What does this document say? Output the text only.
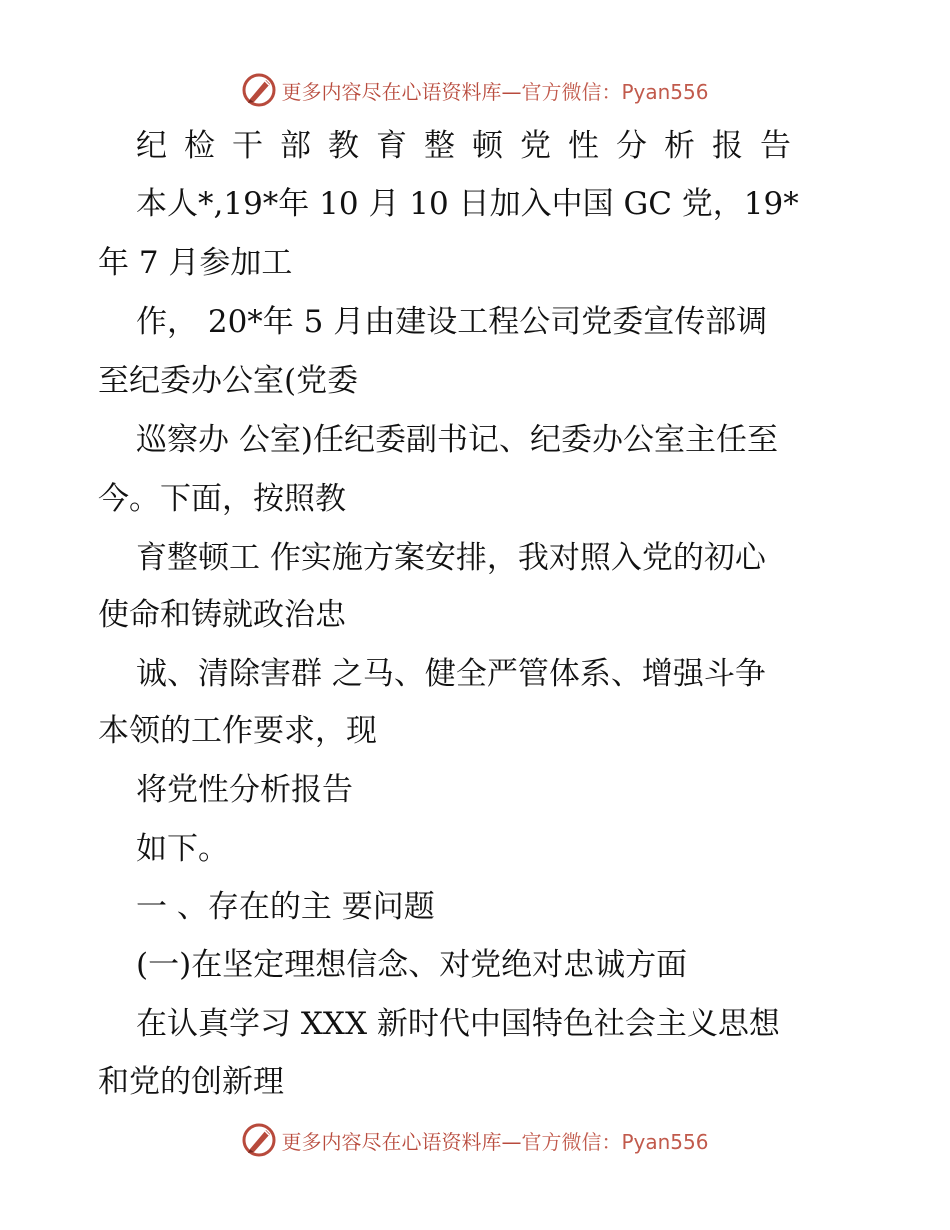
更多内容尽在心语资料库— 官方微信：Pyan556
纪检干部教育整顿党性分析报告
本人*,19*年 10 月 10 日加入中国 GC 党，19*
年 7 月参加工
作， 20*年 5 月由建设工程公司党委宣传部调
至纪委办公室(党委
巡察办 公室)任纪委副书记、纪委办公室主任至
今。下面，按照教
育整顿工 作实施方案安排，我对照入党的初心
使命和铸就政治忠
诚、清除害群 之马、健全严管体系、增强斗争
本领的工作要求，现
将党性分析报告
如下。
一 、存在的主 要问题
(一)在坚定理想信念、对党绝对忠诚方面
在认真学习 XXX 新时代中国特色社会主义思想
和党的创新理
更多内容尽在心语资料库— 官方微信：Pyan556
